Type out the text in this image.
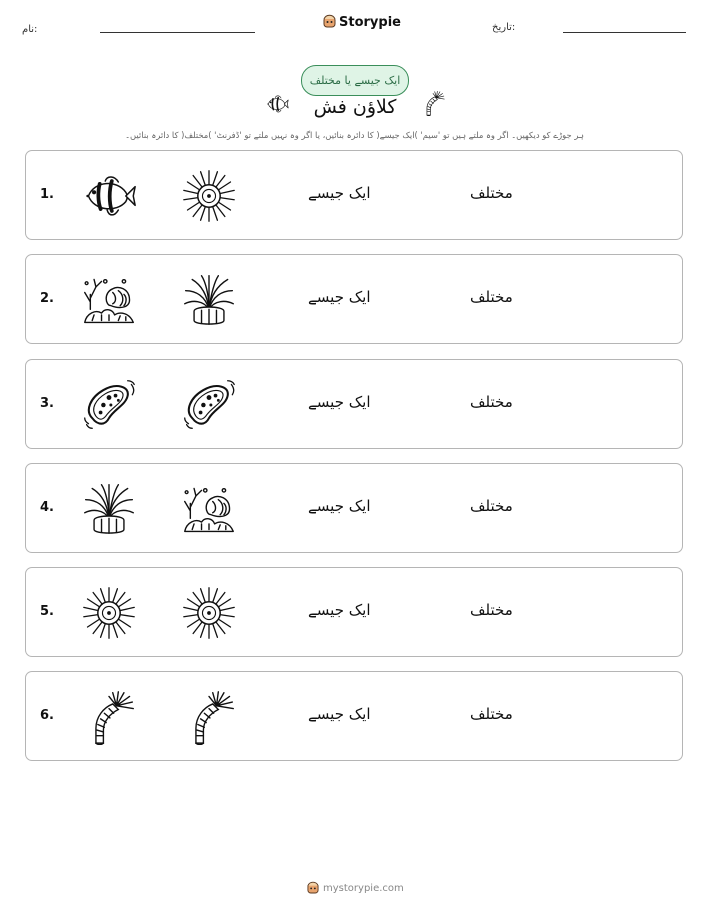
نام:	Storypie	تاریخ:
ایک جیسے یا مختلف
کلاؤن فش
ہر جوڑے کو دیکھیں۔ اگر وہ ملتے ہیں تو 'سیم' )ایک جیسے( کا دائرہ بنائیں، یا اگر وہ نہیں ملتے تو 'ڈفرنٹ' )مختلف( کا دائرہ بنائیں۔
1.	ایک جیسے	مختلف
2.	ایک جیسے	مختلف
3.	ایک جیسے	مختلف
4.	ایک جیسے	مختلف
5.	ایک جیسے	مختلف
6.	ایک جیسے	مختلف
mystorypie.com
